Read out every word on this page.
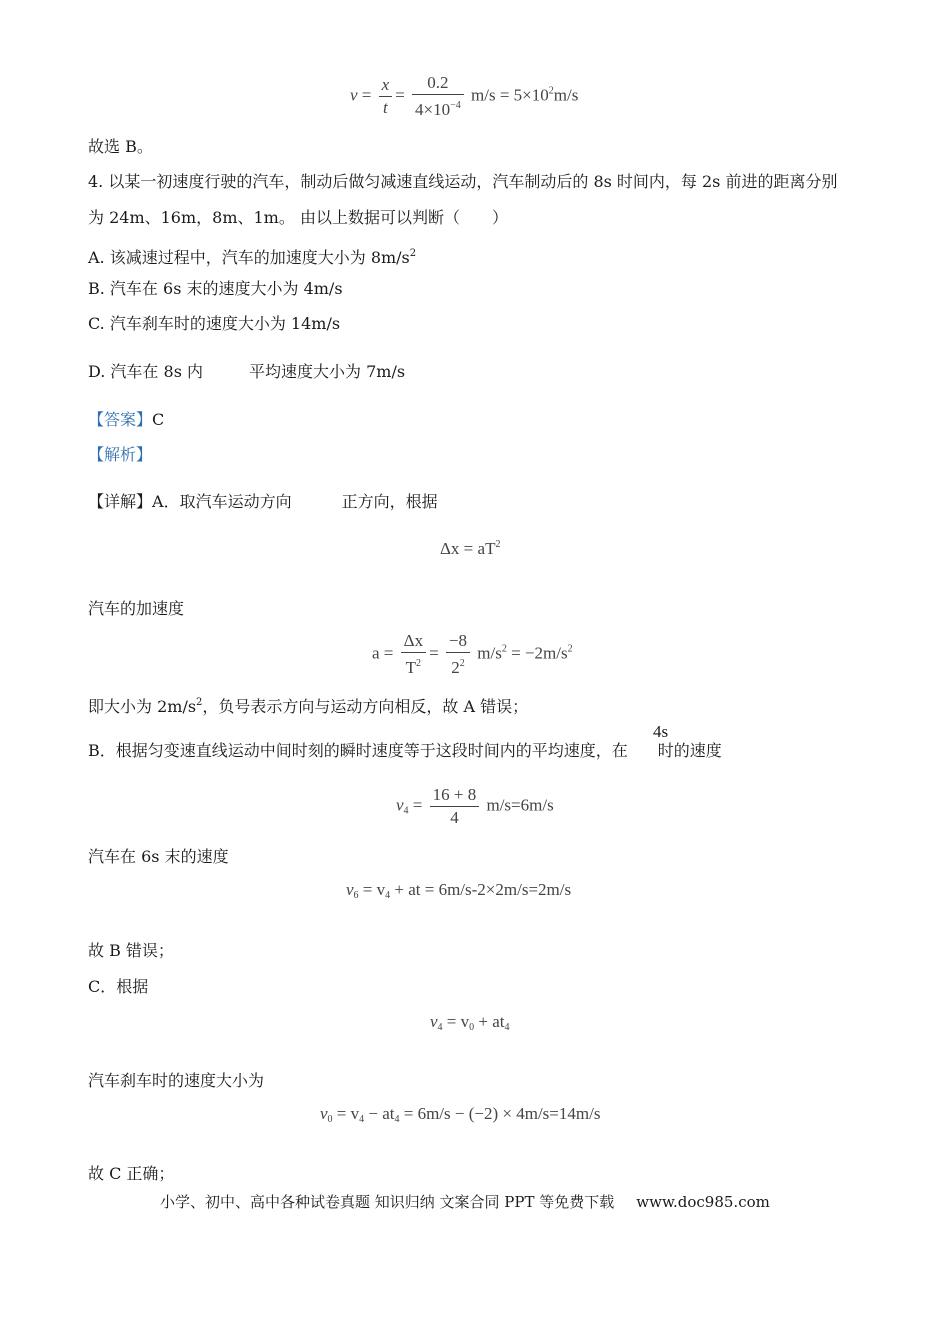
$v = \frac{x}{t} = \frac{0.2}{4\times 10^{-4}} m/s = 5\times 10^2m/s$
故选 B。
4. 以某一初速度行驶的汽车，制动后做匀减速直线运动，汽车制动后的 8s 时间内，每 2s 前进的距离分别
为 24m、16m，8m、1m。 由以上数据可以判断（　　）
A. 该减速过程中，汽车的加速度大小为 $8m/s^2$
B. 汽车在 6s 末的速度大小为 4m/s
C. 汽车刹车时的速度大小为 14m/s
D. 汽车在 8s 内	平均速度大小为 7m/s
【答案】C
【解析】
【详解】A．取汽车运动方向	正方向，根据
$\Delta x = aT^2$
汽车的加速度
$a = \frac{\Delta x}{T^2} = \frac{-8}{2^2} m/s^2 = -2m/s^2$
即大小为 $2m/s^2$，负号表示方向与运动方向相反，故 A 错误；
B．根据匀变速直线运动中间时刻的瞬时速度等于这段时间内的平均速度，在 时的速度
4s
$v_4 = \frac{16 + 8}{4} m/s=6m/s$
汽车在 6s 末的速度
$v_6 = v_4$ + at = 6m/s-2×2m/s=2m/s
故 B 错误；
C．根据
$v_4 = v_0 + at_4$
汽车刹车时的速度大小为
$v_0 = v_4 - at_4 = 6m/s - (-2) \times 4m/s=14m/s$
故 C 正确；
小学、初中、高中各种试卷真题 知识归纳 文案合同 PPT 等免费下载 www.doc985.com
